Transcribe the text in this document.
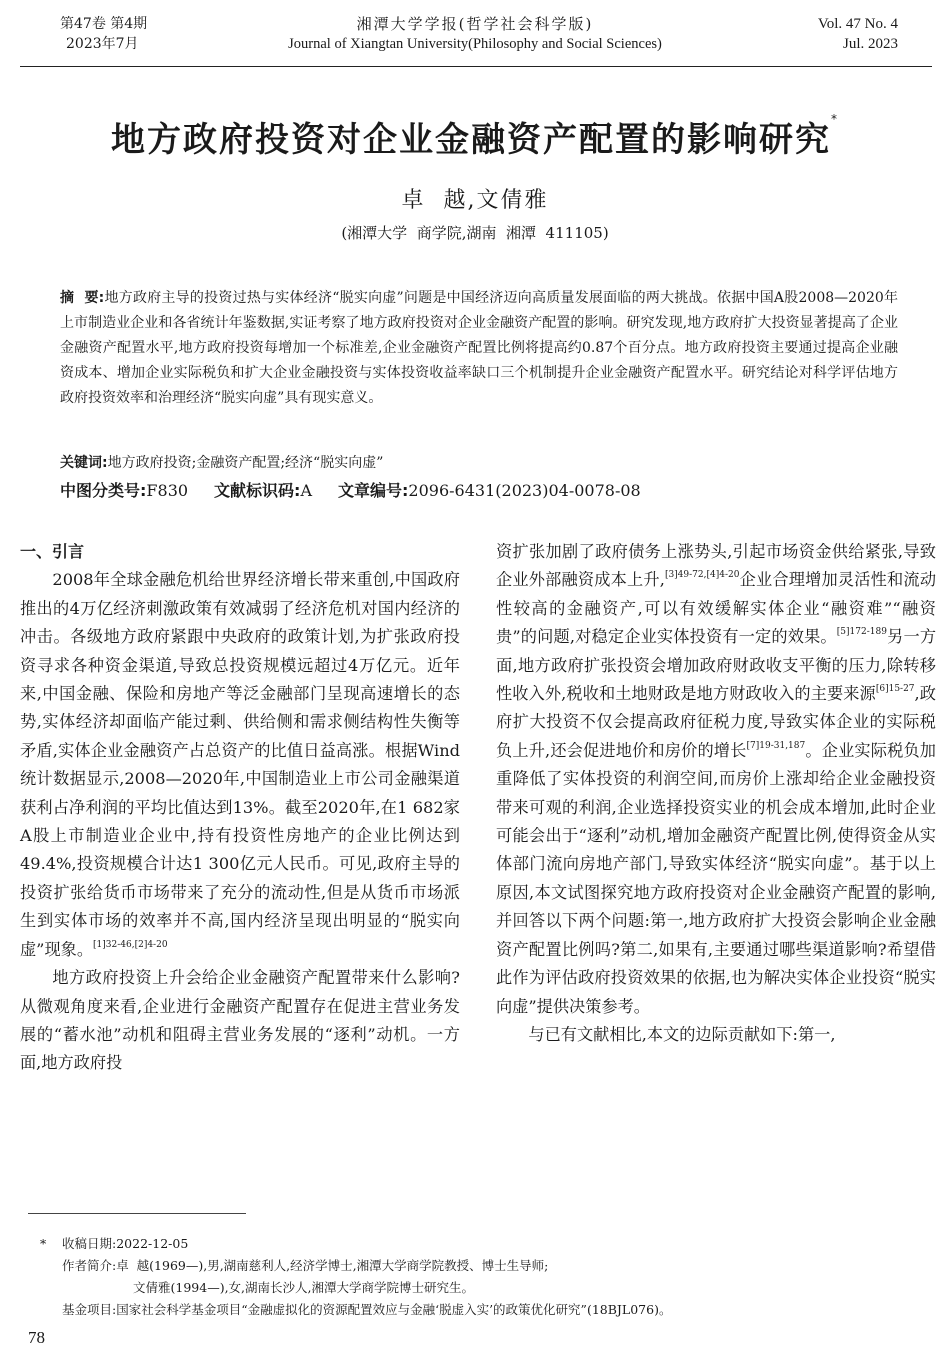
第47卷 第4期
2023年7月
湘潭大学学报(哲学社会科学版)
Journal of Xiangtan University(Philosophy and Social Sciences)
Vol. 47 No. 4
Jul. 2023
地方政府投资对企业金融资产配置的影响研究*
卓  越,文倩雅
(湘潭大学  商学院,湖南  湘潭  411105)
摘  要:地方政府主导的投资过热与实体经济“脱实向虚”问题是中国经济迈向高质量发展面临的两大挑战。依据中国A股2008—2020年上市制造业企业和各省统计年鉴数据,实证考察了地方政府投资对企业金融资产配置的影响。研究发现,地方政府扩大投资显著提高了企业金融资产配置水平,地方政府投资每增加一个标准差,企业金融资产配置比例将提高约0.87个百分点。地方政府投资主要通过提高企业融资成本、增加企业实际税负和扩大企业金融投资与实体投资收益率缺口三个机制提升企业金融资产配置水平。研究结论对科学评估地方政府投资效率和治理经济“脱实向虚”具有现实意义。
关键词:地方政府投资;金融资产配置;经济“脱实向虚”
中图分类号:F830 文献标识码:A 文章编号:2096-6431(2023)04-0078-08

一、引言

2008年全球金融危机给世界经济增长带来重创,中国政府推出的4万亿经济刺激政策有效减弱了经济危机对国内经济的冲击。各级地方政府紧跟中央政府的政策计划,为扩张政府投资寻求各种资金渠道,导致总投资规模远超过4万亿元。近年来,中国金融、保险和房地产等泛金融部门呈现高速增长的态势,实体经济却面临产能过剩、供给侧和需求侧结构性失衡等矛盾,实体企业金融资产占总资产的比值日益高涨。根据Wind统计数据显示,2008—2020年,中国制造业上市公司金融渠道获利占净利润的平均比值达到13%。截至2020年,在1 682家A股上市制造业企业中,持有投资性房地产的企业比例达到49.4%,投资规模合计达1 300亿元人民币。可见,政府主导的投资扩张给货币市场带来了充分的流动性,但是从货币市场派生到实体市场的效率并不高,国内经济呈现出明显的“脱实向虚”现象。$^{[1]32-46,[2]4-20}$

地方政府投资上升会给企业金融资产配置带来什么影响?从微观角度来看,企业进行金融资产配置存在促进主营业务发展的“蓄水池”动机和阻碍主营业务发展的“逐利”动机。一方面,地方政府投

资扩张加剧了政府债务上涨势头,引起市场资金供给紧张,导致企业外部融资成本上升,$^{[3]49-72,[4]4-20}$企业合理增加灵活性和流动性较高的金融资产,可以有效缓解实体企业“融资难”“融资贵”的问题,对稳定企业实体投资有一定的效果。$^{[5]172-189}$另一方面,地方政府扩张投资会增加政府财政收支平衡的压力,除转移性收入外,税收和土地财政是地方财政收入的主要来源$^{[6]15-27}$,政府扩大投资不仅会提高政府征税力度,导致实体企业的实际税负上升,还会促进地价和房价的增长$^{[7]19-31,187}$。企业实际税负加重降低了实体投资的利润空间,而房价上涨却给企业金融投资带来可观的利润,企业选择投资实业的机会成本增加,此时企业可能会出于“逐利”动机,增加金融资产配置比例,使得资金从实体部门流向房地产部门,导致实体经济“脱实向虚”。基于以上原因,本文试图探究地方政府投资对企业金融资产配置的影响,并回答以下两个问题:第一,地方政府扩大投资会影响企业金融资产配置比例吗?第二,如果有,主要通过哪些渠道影响?希望借此作为评估政府投资效果的依据,也为解决实体企业投资“脱实向虚”提供决策参考。

与已有文献相比,本文的边际贡献如下:第一,

* 收稿日期:2022-12-05
作者简介:卓  越(1969—),男,湖南慈利人,经济学博士,湘潭大学商学院教授、博士生导师;
文倩雅(1994—),女,湖南长沙人,湘潭大学商学院博士研究生。
基金项目:国家社会科学基金项目“金融虚拟化的资源配置效应与金融‘脱虚入实’的政策优化研究”(18BJL076)。
78
